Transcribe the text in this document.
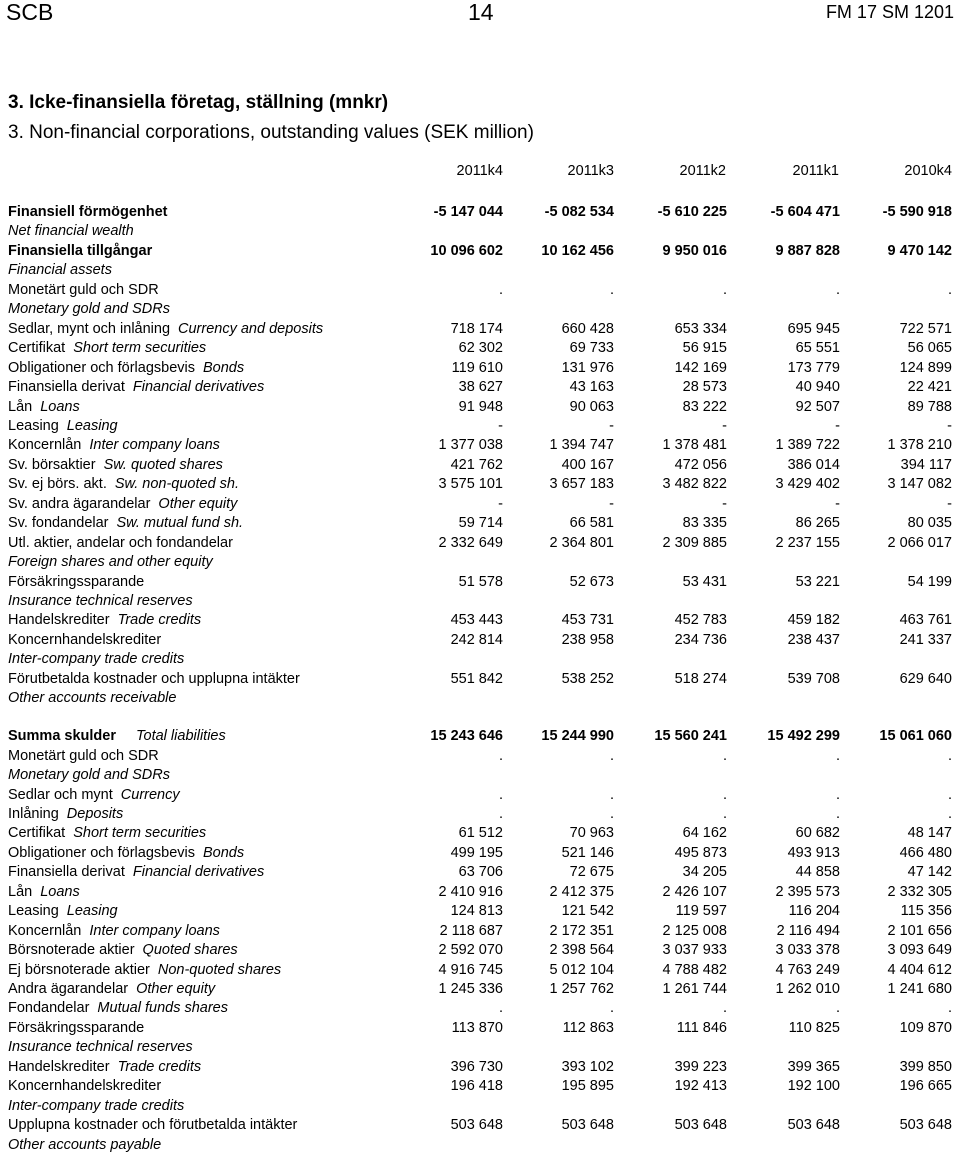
SCB	14	FM 17 SM 1201
3. Icke-finansiella företag, ställning (mnkr)
3. Non-financial corporations, outstanding values (SEK million)
2011k4	2011k3	2011k2	2011k1	2010k4
Finansiell förmögenhet	-5 147 044	-5 082 534	-5 610 225	-5 604 471	-5 590 918
Net financial wealth
Finansiella tillgångar	10 096 602	10 162 456	9 950 016	9 887 828	9 470 142
Financial assets
Monetärt guld och SDR	.	.	.	.	.
Monetary gold and SDRs
Sedlar, mynt och inlåning Currency and deposits	718 174	660 428	653 334	695 945	722 571
Certifikat Short term securities	62 302	69 733	56 915	65 551	56 065
Obligationer och förlagsbevis Bonds	119 610	131 976	142 169	173 779	124 899
Finansiella derivat Financial derivatives	38 627	43 163	28 573	40 940	22 421
Lån Loans	91 948	90 063	83 222	92 507	89 788
Leasing Leasing	-	-	-	-	-
Koncernlån Inter company loans	1 377 038	1 394 747	1 378 481	1 389 722	1 378 210
Sv. börsaktier Sw. quoted shares	421 762	400 167	472 056	386 014	394 117
Sv. ej börs. akt. Sw. non-quoted sh.	3 575 101	3 657 183	3 482 822	3 429 402	3 147 082
Sv. andra ägarandelar Other equity	-	-	-	-	-
Sv. fondandelar Sw. mutual fund sh.	59 714	66 581	83 335	86 265	80 035
Utl. aktier, andelar och fondandelar	2 332 649	2 364 801	2 309 885	2 237 155	2 066 017
Foreign shares and other equity
Försäkringssparande	51 578	52 673	53 431	53 221	54 199
Insurance technical reserves
Handelskrediter Trade credits	453 443	453 731	452 783	459 182	463 761
Koncernhandelskrediter	242 814	238 958	234 736	238 437	241 337
Inter-company trade credits
Förutbetalda kostnader och upplupna intäkter	551 842	538 252	518 274	539 708	629 640
Other accounts receivable
Summa skulder Total liabilities	15 243 646	15 244 990	15 560 241	15 492 299	15 061 060
Monetärt guld och SDR	.	.	.	.	.
Monetary gold and SDRs
Sedlar och mynt Currency	.	.	.	.	.
Inlåning Deposits	.	.	.	.	.
Certifikat Short term securities	61 512	70 963	64 162	60 682	48 147
Obligationer och förlagsbevis Bonds	499 195	521 146	495 873	493 913	466 480
Finansiella derivat Financial derivatives	63 706	72 675	34 205	44 858	47 142
Lån Loans	2 410 916	2 412 375	2 426 107	2 395 573	2 332 305
Leasing Leasing	124 813	121 542	119 597	116 204	115 356
Koncernlån Inter company loans	2 118 687	2 172 351	2 125 008	2 116 494	2 101 656
Börsnoterade aktier Quoted shares	2 592 070	2 398 564	3 037 933	3 033 378	3 093 649
Ej börsnoterade aktier Non-quoted shares	4 916 745	5 012 104	4 788 482	4 763 249	4 404 612
Andra ägarandelar Other equity	1 245 336	1 257 762	1 261 744	1 262 010	1 241 680
Fondandelar Mutual funds shares	.	.	.	.	.
Försäkringssparande	113 870	112 863	111 846	110 825	109 870
Insurance technical reserves
Handelskrediter Trade credits	396 730	393 102	399 223	399 365	399 850
Koncernhandelskrediter	196 418	195 895	192 413	192 100	196 665
Inter-company trade credits
Upplupna kostnader och förutbetalda intäkter	503 648	503 648	503 648	503 648	503 648
Other accounts payable
